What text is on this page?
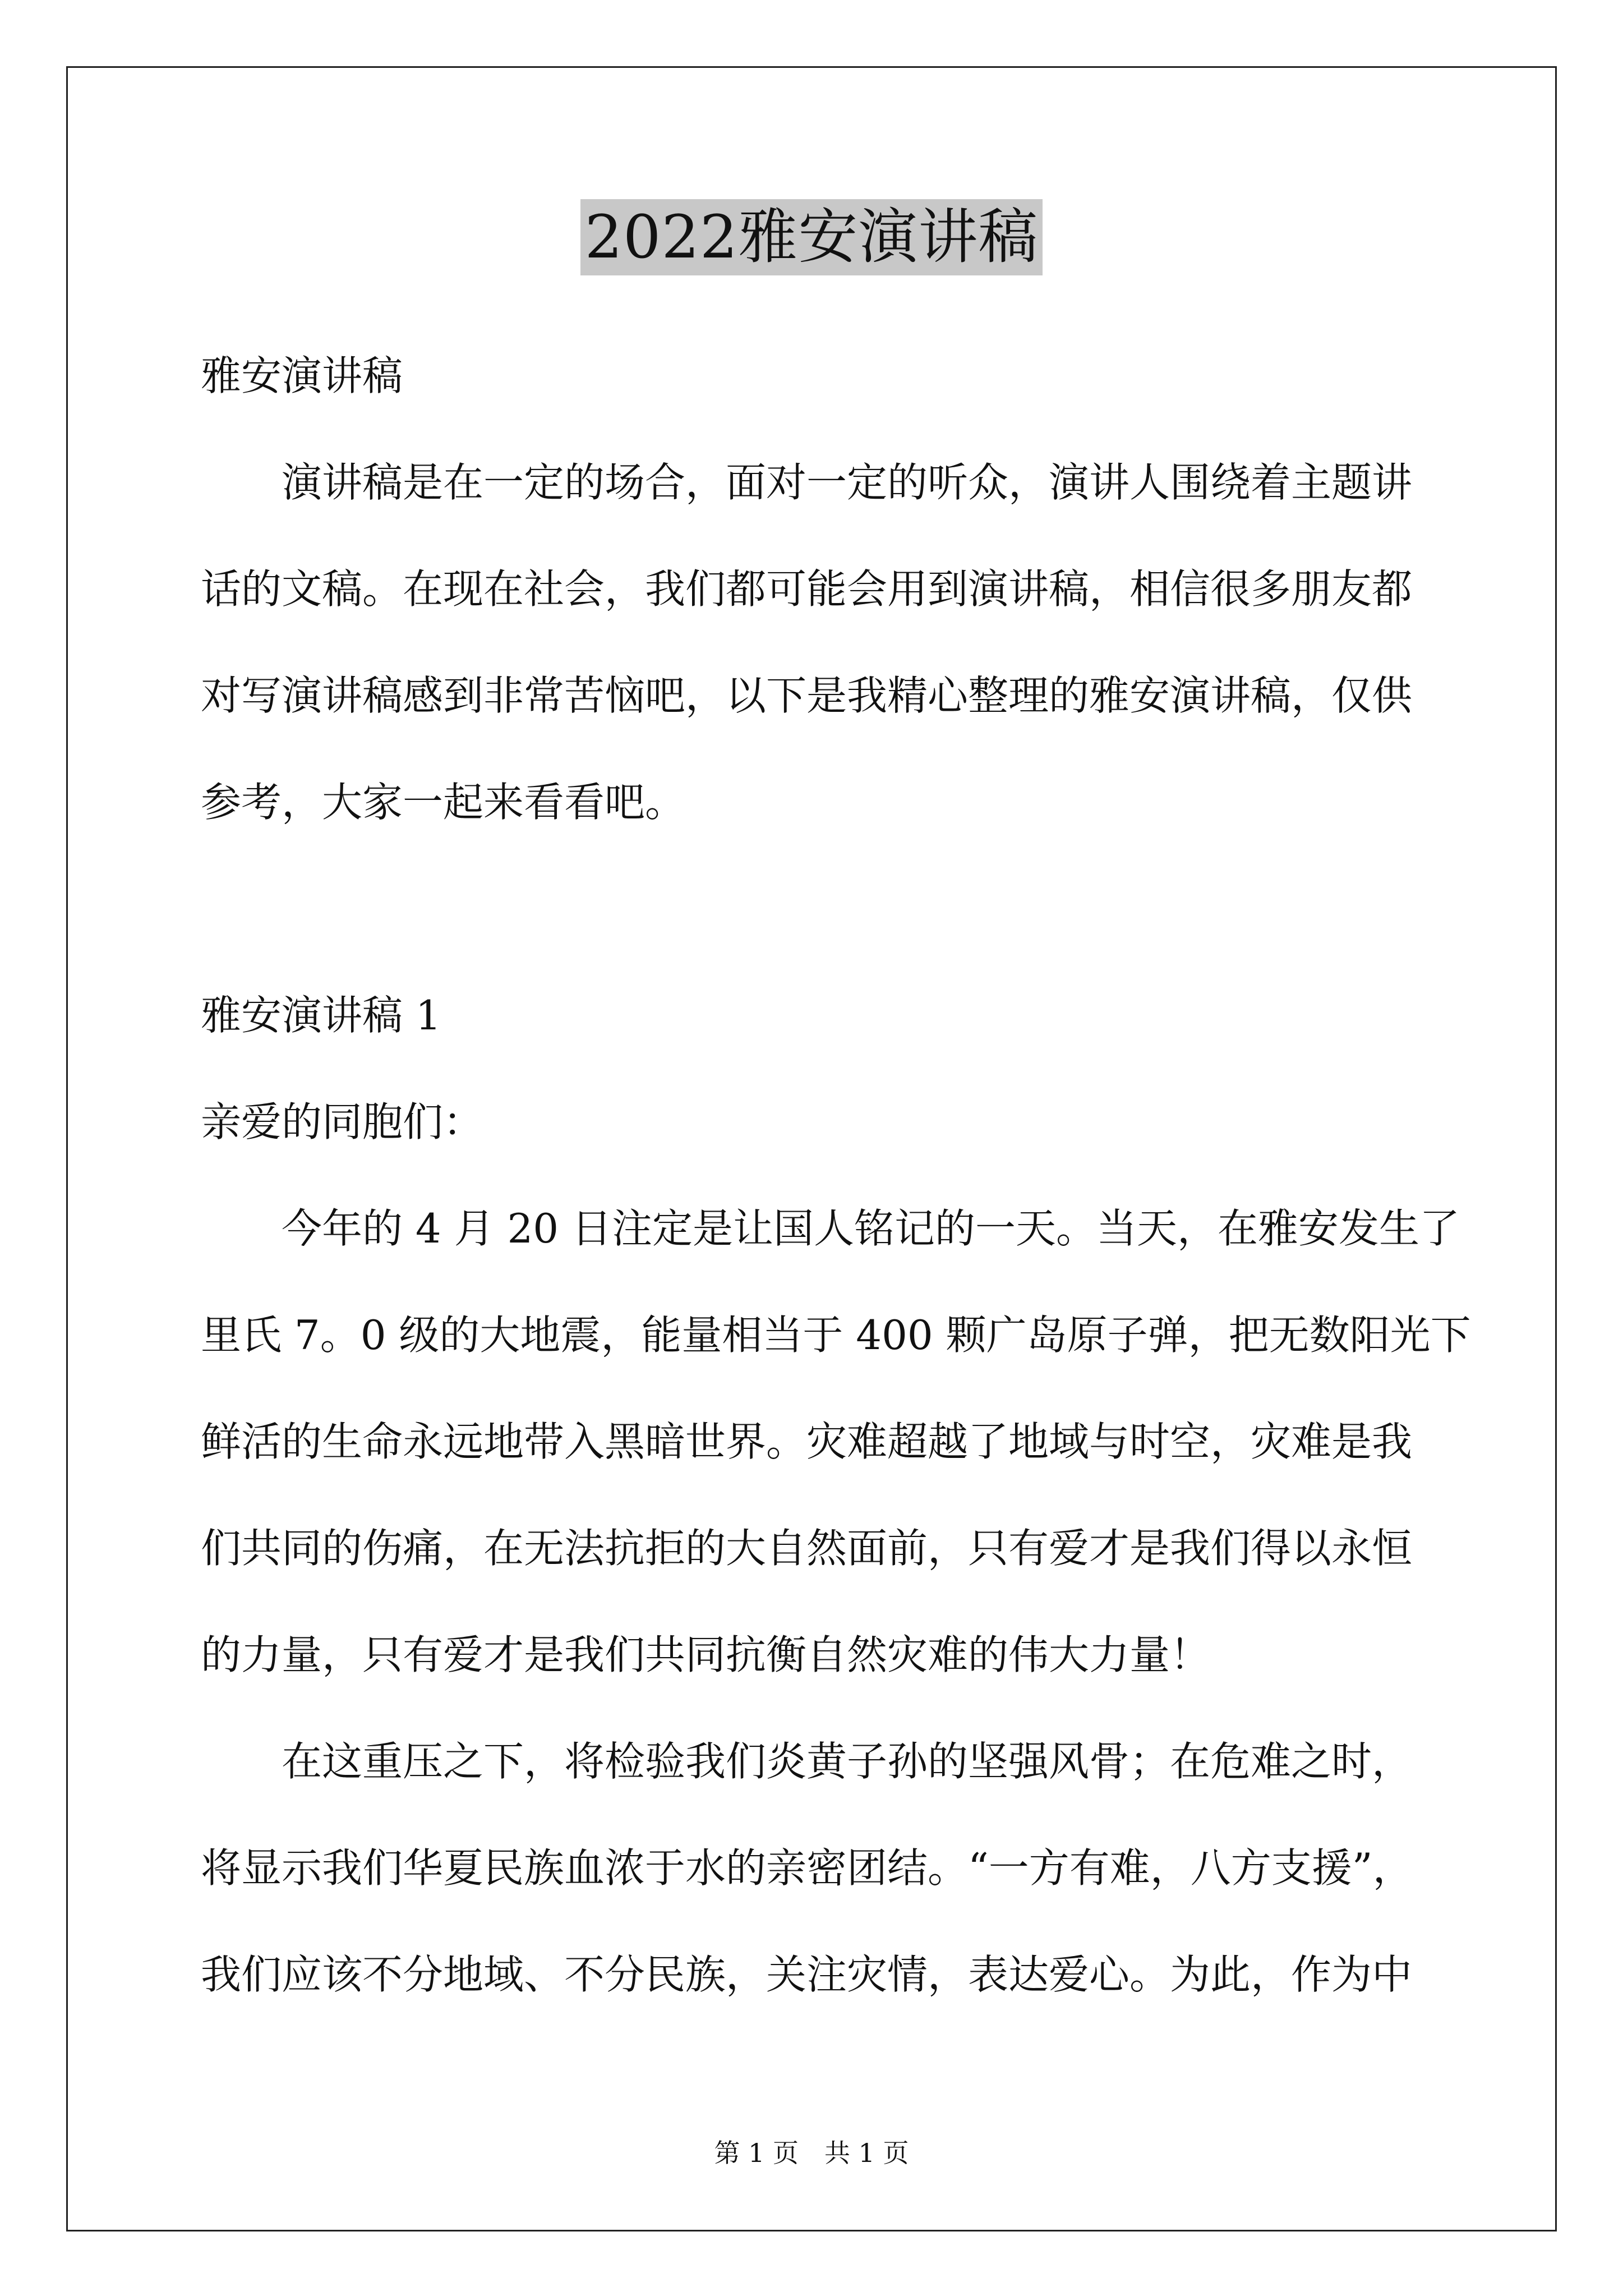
2022雅安演讲稿
雅安演讲稿
演讲稿是在一定的场合，面对一定的听众，演讲人围绕着主题讲
话的文稿。在现在社会，我们都可能会用到演讲稿，相信很多朋友都
对写演讲稿感到非常苦恼吧，以下是我精心整理的雅安演讲稿，仅供
参考，大家一起来看看吧。
雅安演讲稿 1
亲爱的同胞们：
今年的 4 月 20 日注定是让国人铭记的一天。当天，在雅安发生了
里氏 7。0 级的大地震，能量相当于 400 颗广岛原子弹，把无数阳光下
鲜活的生命永远地带入黑暗世界。灾难超越了地域与时空，灾难是我
们共同的伤痛，在无法抗拒的大自然面前，只有爱才是我们得以永恒
的力量，只有爱才是我们共同抗衡自然灾难的伟大力量！
在这重压之下，将检验我们炎黄子孙的坚强风骨；在危难之时，
将显示我们华夏民族血浓于水的亲密团结。“一方有难，八方支援”，
我们应该不分地域、不分民族，关注灾情，表达爱心。为此，作为中
第 1 页　共 1 页
